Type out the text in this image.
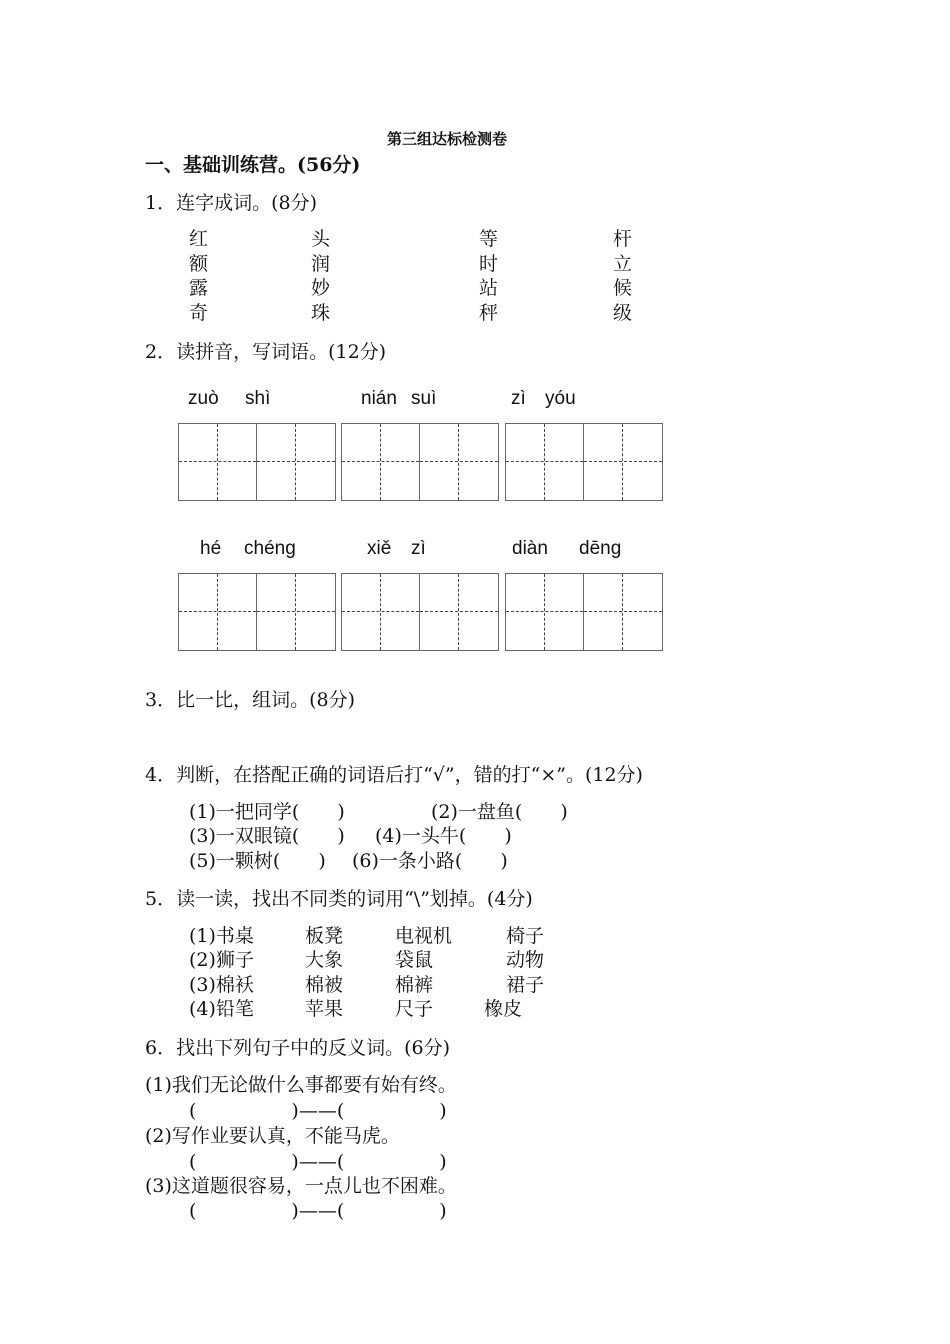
第三组达标检测卷
一、基础训练营。(56分)
1．连字成词。(8分)
红	头	等	杆
额	润	时	立
露	妙	站	候
奇	珠	秤	级
2．读拼音，写词语。(12分)
zuò shì	nián suì	zì yóu
hé chéng	xiě zì	diàn dēng
3．比一比，组词。(8分)
4．判断，在搭配正确的词语后打“√”，错的打“×”。(12分)
(1)一把同学(　　)	(2)一盘鱼(　　)
(3)一双眼镜(　　) (4)一头牛(　　)
(5)一颗树(　　) (6)一条小路(　　)
5．读一读，找出不同类的词用“\”划掉。(4分)
(1)书桌	板凳	电视机	椅子
(2)狮子	大象	袋鼠	动物
(3)棉袄	棉被	棉裤	裙子
(4)铅笔	苹果	尺子	橡皮
6．找出下列句子中的反义词。(6分)
(1)我们无论做什么事都要有始有终。
(　　　　　)——(　　　　　)
(2)写作业要认真，不能马虎。
(　　　　　)——(　　　　　)
(3)这道题很容易，一点儿也不困难。
(　　　　　)——(　　　　　)
